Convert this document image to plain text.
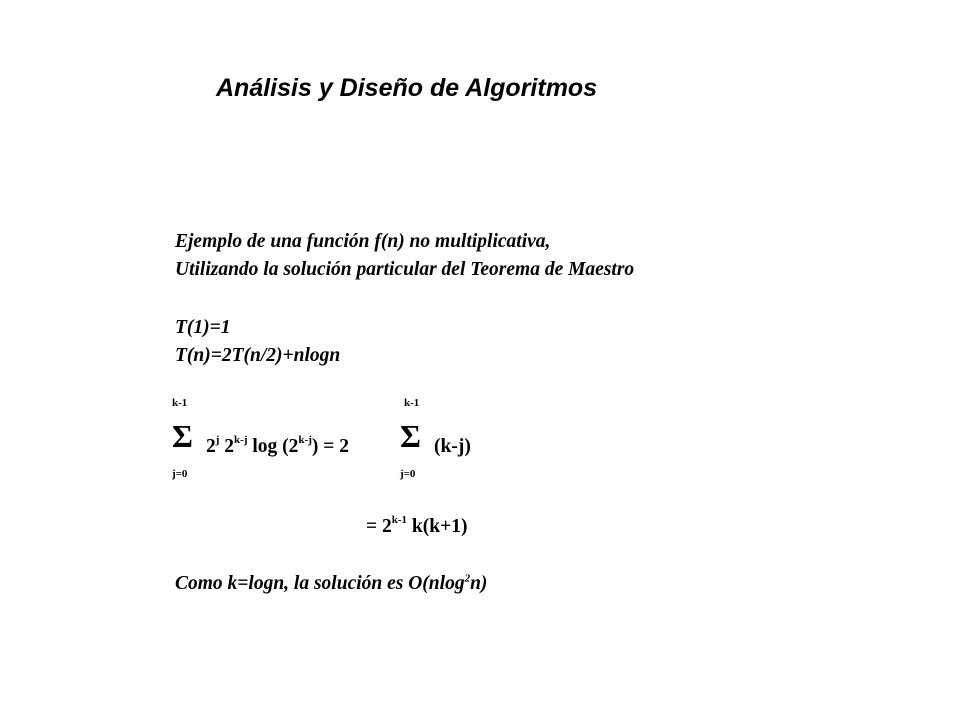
Análisis y Diseño de Algoritmos
Ejemplo de una función f(n) no multiplicativa,
Utilizando la solución particular del Teorema de Maestro
T(1)=1
T(n)=2T(n/2)+nlogn
k-1
Σ
j=0
2$^j$ 2$^{k-j}$ $\log (2^{k-j}) = 2$
k-1
Σ
j=0
(k-j)
= $2^{k-1}$ k(k+1)
Como k=logn, la solución es O(nlog$^2$n)
